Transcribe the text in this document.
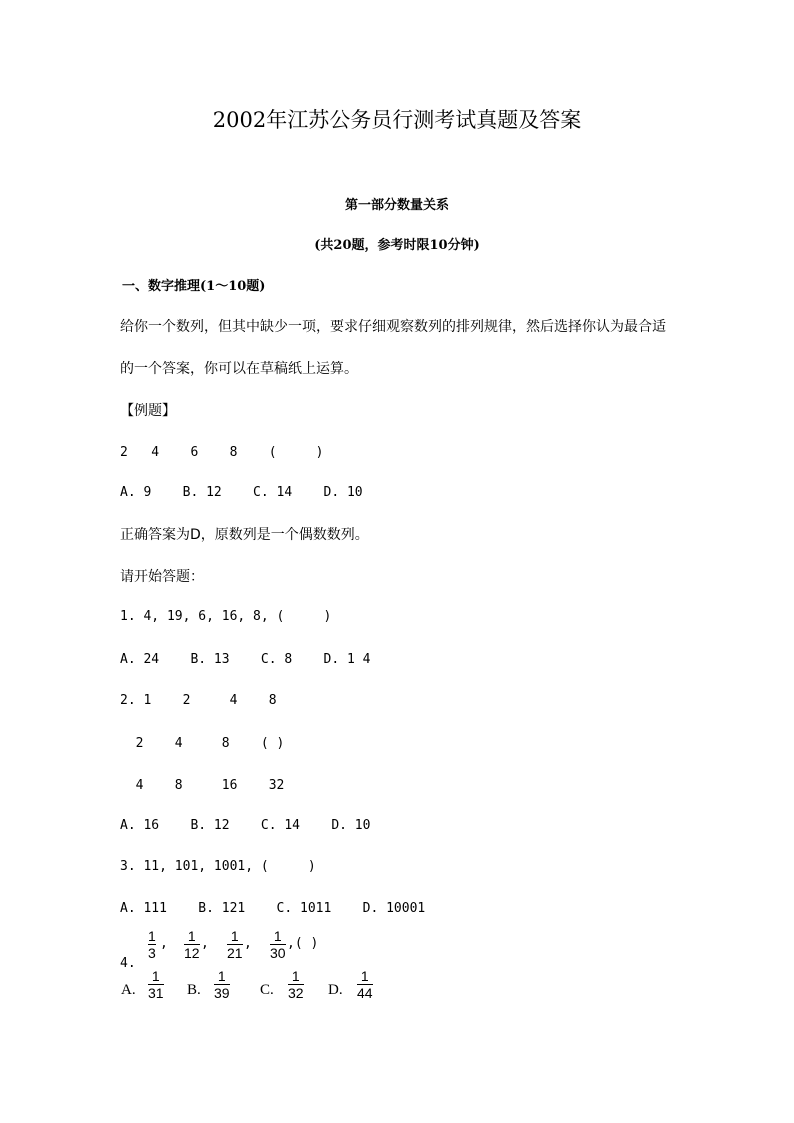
2002年江苏公务员行测考试真题及答案
第一部分数量关系
(共20题，参考时限10分钟)
一、数字推理(1～10题)
给你一个数列，但其中缺少一项，要求仔细观察数列的排列规律，然后选择你认为最合适
的一个答案，你可以在草稿纸上运算。
【例题】
2   4    6    8    (     )
A. 9    B. 12    C. 14    D. 10
正确答案为D，原数列是一个偶数数列。
请开始答题：
1. 4, 19, 6, 16, 8, (     )
A. 24    B. 13    C. 8    D. 1 4
2. 1    2     4    8
2    4     8    ( )
4    8     16    32
A. 16    B. 12    C. 14    D. 10
3. 11, 101, 1001, (     )
A. 111    B. 121    C. 1011    D. 10001
4.
1
3
, 1
12
, 1
21
, 1
30
,( )
A.
1
31 B.
1
39 C.
1
32 D.
1
44
